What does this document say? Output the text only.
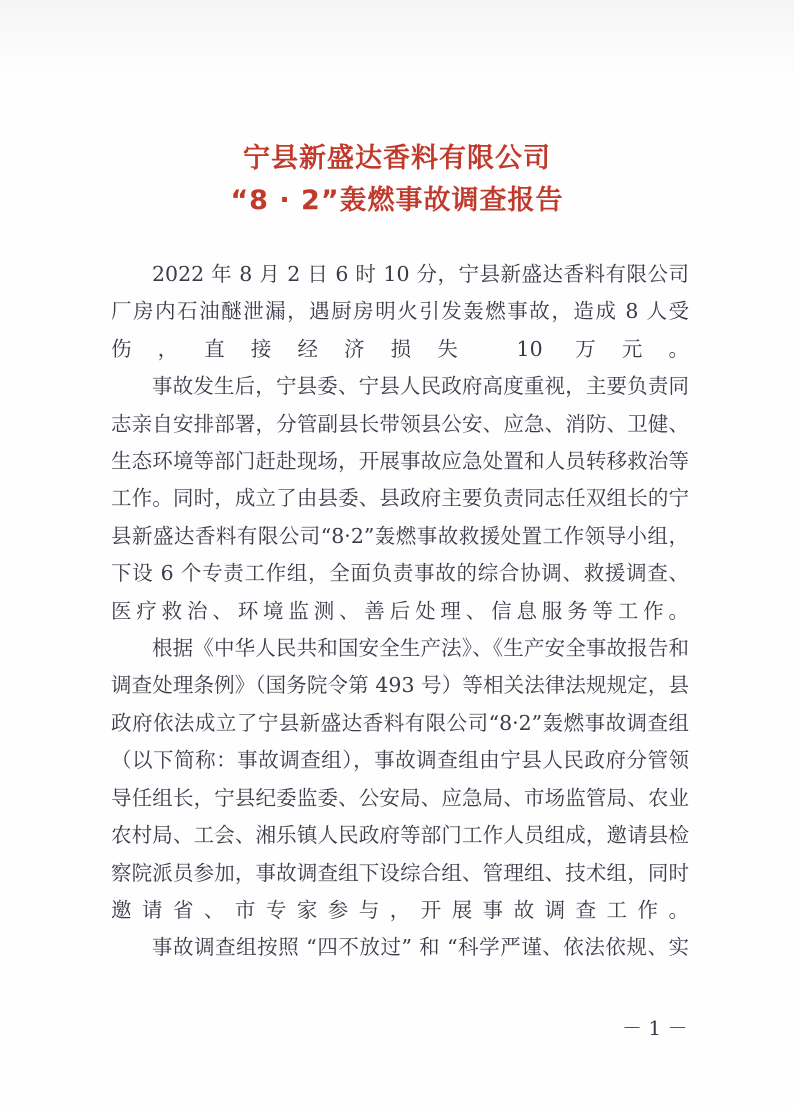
宁县新盛达香料有限公司
“8 · 2”轰燃事故调查报告

2022 年 8 月 2 日 6 时 10 分，宁县新盛达香料有限公司厂房内石油醚泄漏，遇厨房明火引发轰燃事故，造成 8 人受伤，直接经济损失 10 万元。

事故发生后，宁县委、宁县人民政府高度重视，主要负责同志亲自安排部署，分管副县长带领县公安、应急、消防、卫健、生态环境等部门赶赴现场，开展事故应急处置和人员转移救治等工作。同时，成立了由县委、县政府主要负责同志任双组长的宁县新盛达香料有限公司“8·2”轰燃事故救援处置工作领导小组，下设 6 个专责工作组，全面负责事故的综合协调、救援调查、医疗救治、环境监测、善后处理、信息服务等工作。

根据《中华人民共和国安全生产法》、《生产安全事故报告和调查处理条例》（国务院令第 493 号）等相关法律法规规定，县政府依法成立了宁县新盛达香料有限公司“8·2”轰燃事故调查组（以下简称：事故调查组），事故调查组由宁县人民政府分管领导任组长，宁县纪委监委、公安局、应急局、市场监管局、农业农村局、工会、湘乐镇人民政府等部门工作人员组成，邀请县检察院派员参加，事故调查组下设综合组、管理组、技术组，同时邀请省、市专家参与，开展事故调查工作。

事故调查组按照 “四不放过” 和 “科学严谨、依法依规、实

－ 1 －
